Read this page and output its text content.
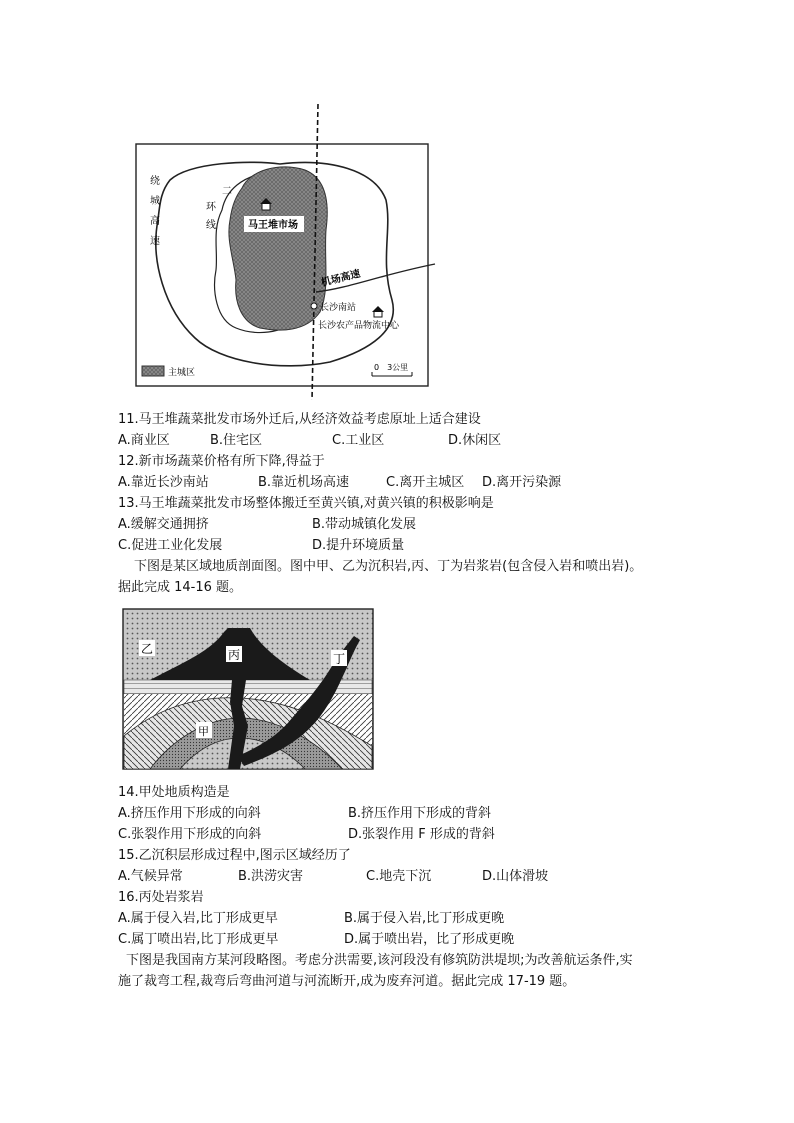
马王堆市场
绕
城
高
速
二
环
线
机场高速
长沙南站
长沙农产品物流中心
主城区
0　3公里
11.马王堆蔬菜批发市场外迁后,从经济效益考虑原址上适合建设
A.商业区	B.住宅区	C.工业区	D.休闲区
12.新市场蔬菜价格有所下降,得益于
A.靠近长沙南站	B.靠近机场高速	C.离开主城区 D.离开污染源
13.马王堆蔬菜批发市场整体搬迁至黄兴镇,对黄兴镇的积极影响是
A.缓解交通拥挤	B.带动城镇化发展
C.促进工业化发展	D.提升环境质量
下图是某区域地质剖面图。图中甲、乙为沉积岩,丙、丁为岩浆岩(包含侵入岩和喷出岩)。
据此完成 14-16 题。
乙	丙	丁
甲
14.甲处地质构造是
A.挤压作用下形成的向斜	B.挤压作用下形成的背斜
C.张裂作用下形成的向斜	D.张裂作用 F 形成的背斜
15.乙沉积层形成过程中,图示区域经历了
A.气候异常	B.洪涝灾害	C.地壳下沉	D.山体滑坡
16.丙处岩浆岩
A.属于侵入岩,比丁形成更早	B.属于侵入岩,比丁形成更晚
C.属丁喷出岩,比丁形成更早	D.属于喷出岩，比了形成更晚
下图是我国南方某河段略图。考虑分洪需要,该河段没有修筑防洪堤坝;为改善航运条件,实
施了裁弯工程,裁弯后弯曲河道与河流断开,成为废弃河道。据此完成 17-19 题。
